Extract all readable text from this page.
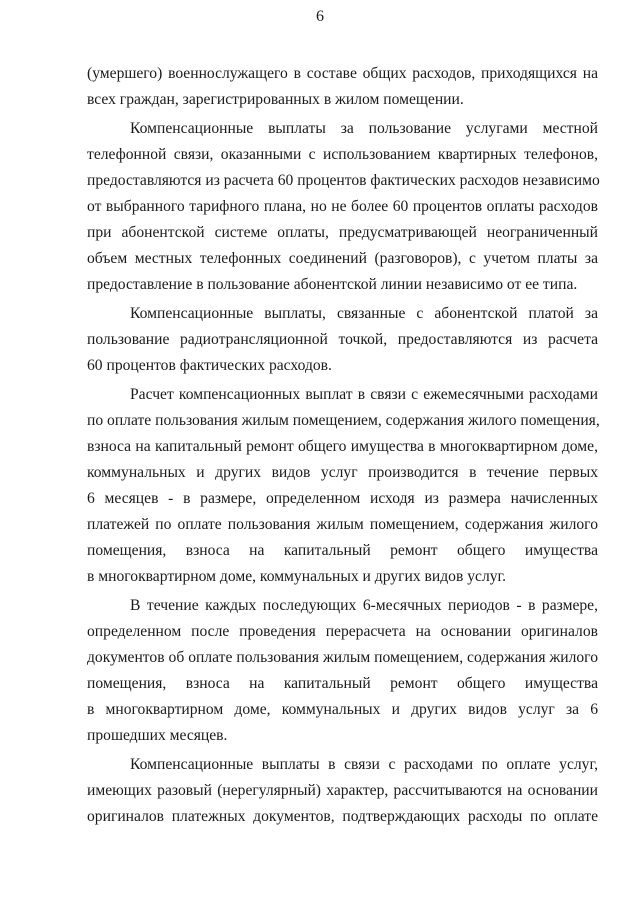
6
(умершего) военнослужащего в составе общих расходов, приходящихся на
всех граждан, зарегистрированных в жилом помещении.
Компенсационные выплаты за пользование услугами местной
телефонной связи, оказанными с использованием квартирных телефонов,
предоставляются из расчета 60 процентов фактических расходов независимо
от выбранного тарифного плана, но не более 60 процентов оплаты расходов
при абонентской системе оплаты, предусматривающей неограниченный
объем местных телефонных соединений (разговоров), с учетом платы за
предоставление в пользование абонентской линии независимо от ее типа.
Компенсационные выплаты, связанные с абонентской платой за
пользование радиотрансляционной точкой, предоставляются из расчета
60 процентов фактических расходов.
Расчет компенсационных выплат в связи с ежемесячными расходами
по оплате пользования жилым помещением, содержания жилого помещения,
взноса на капитальный ремонт общего имущества в многоквартирном доме,
коммунальных и других видов услуг производится в течение первых
6 месяцев - в размере, определенном исходя из размера начисленных
платежей по оплате пользования жилым помещением, содержания жилого
помещения, взноса на капитальный ремонт общего имущества
в многоквартирном доме, коммунальных и других видов услуг.
В течение каждых последующих 6-месячных периодов - в размере,
определенном после проведения перерасчета на основании оригиналов
документов об оплате пользования жилым помещением, содержания жилого
помещения, взноса на капитальный ремонт общего имущества
в многоквартирном доме, коммунальных и других видов услуг за 6
прошедших месяцев.
Компенсационные выплаты в связи с расходами по оплате услуг,
имеющих разовый (нерегулярный) характер, рассчитываются на основании
оригиналов платежных документов, подтверждающих расходы по оплате
